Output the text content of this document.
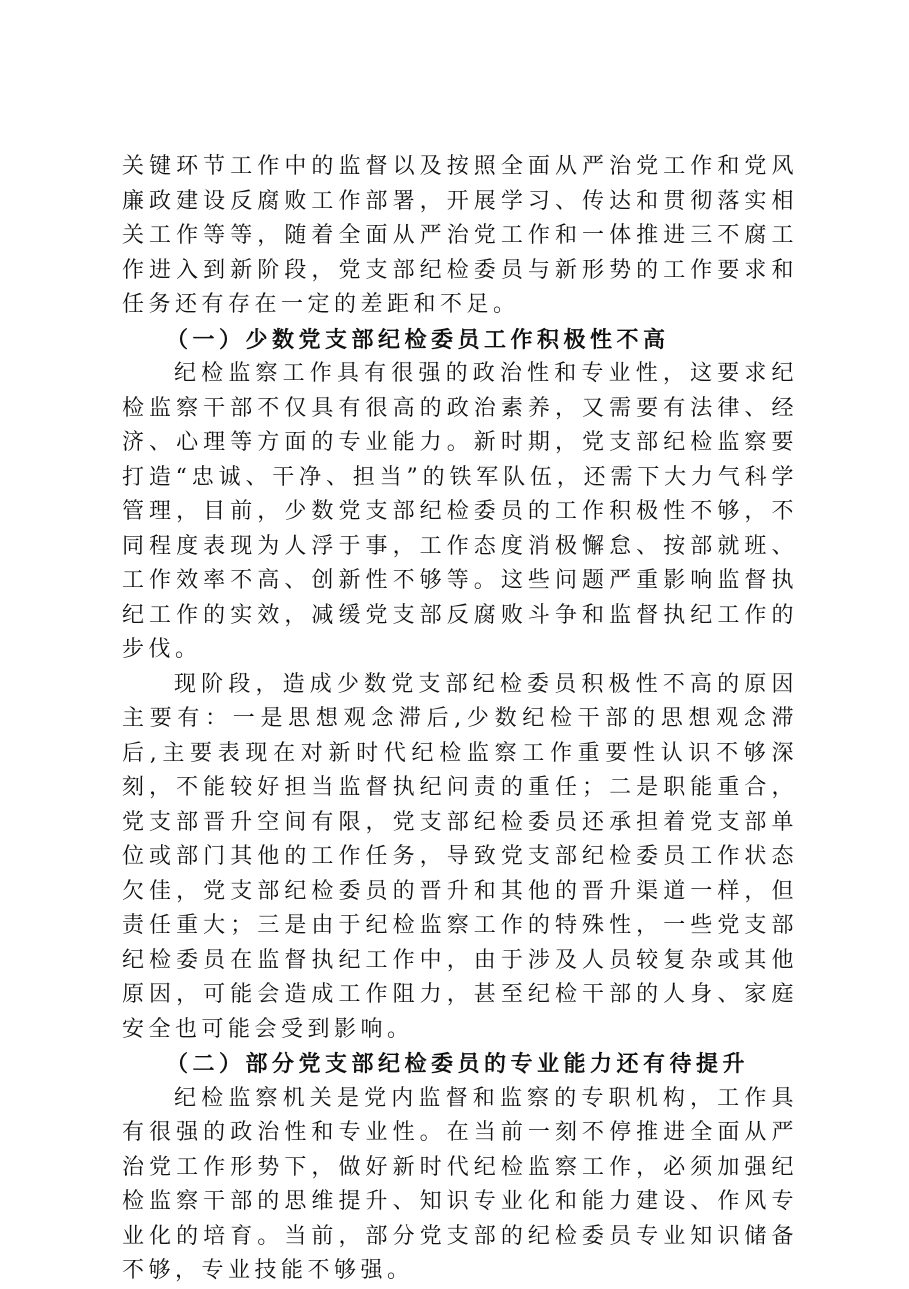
关键环节工作中的监督以及按照全面从严治党工作和党风廉政建设反腐败工作部署，开展学习、传达和贯彻落实相关工作等等，随着全面从严治党工作和一体推进三不腐工作进入到新阶段，党支部纪检委员与新形势的工作要求和任务还有存在一定的差距和不足。

（一）少数党支部纪检委员工作积极性不高

纪检监察工作具有很强的政治性和专业性，这要求纪检监察干部不仅具有很高的政治素养，又需要有法律、经济、心理等方面的专业能力。新时期，党支部纪检监察要打造“忠诚、干净、担当”的铁军队伍，还需下大力气科学管理，目前，少数党支部纪检委员的工作积极性不够，不同程度表现为人浮于事，工作态度消极懈怠、按部就班、工作效率不高、创新性不够等。这些问题严重影响监督执纪工作的实效，减缓党支部反腐败斗争和监督执纪工作的步伐。

现阶段，造成少数党支部纪检委员积极性不高的原因主要有：一是思想观念滞后,少数纪检干部的思想观念滞后,主要表现在对新时代纪检监察工作重要性认识不够深刻，不能较好担当监督执纪问责的重任；二是职能重合，党支部晋升空间有限，党支部纪检委员还承担着党支部单位或部门其他的工作任务，导致党支部纪检委员工作状态欠佳，党支部纪检委员的晋升和其他的晋升渠道一样，但责任重大；三是由于纪检监察工作的特殊性，一些党支部纪检委员在监督执纪工作中，由于涉及人员较复杂或其他原因，可能会造成工作阻力，甚至纪检干部的人身、家庭安全也可能会受到影响。

（二）部分党支部纪检委员的专业能力还有待提升

纪检监察机关是党内监督和监察的专职机构，工作具有很强的政治性和专业性。在当前一刻不停推进全面从严治党工作形势下，做好新时代纪检监察工作，必须加强纪检监察干部的思维提升、知识专业化和能力建设、作风专业化的培育。当前，部分党支部的纪检委员专业知识储备不够，专业技能不够强。
